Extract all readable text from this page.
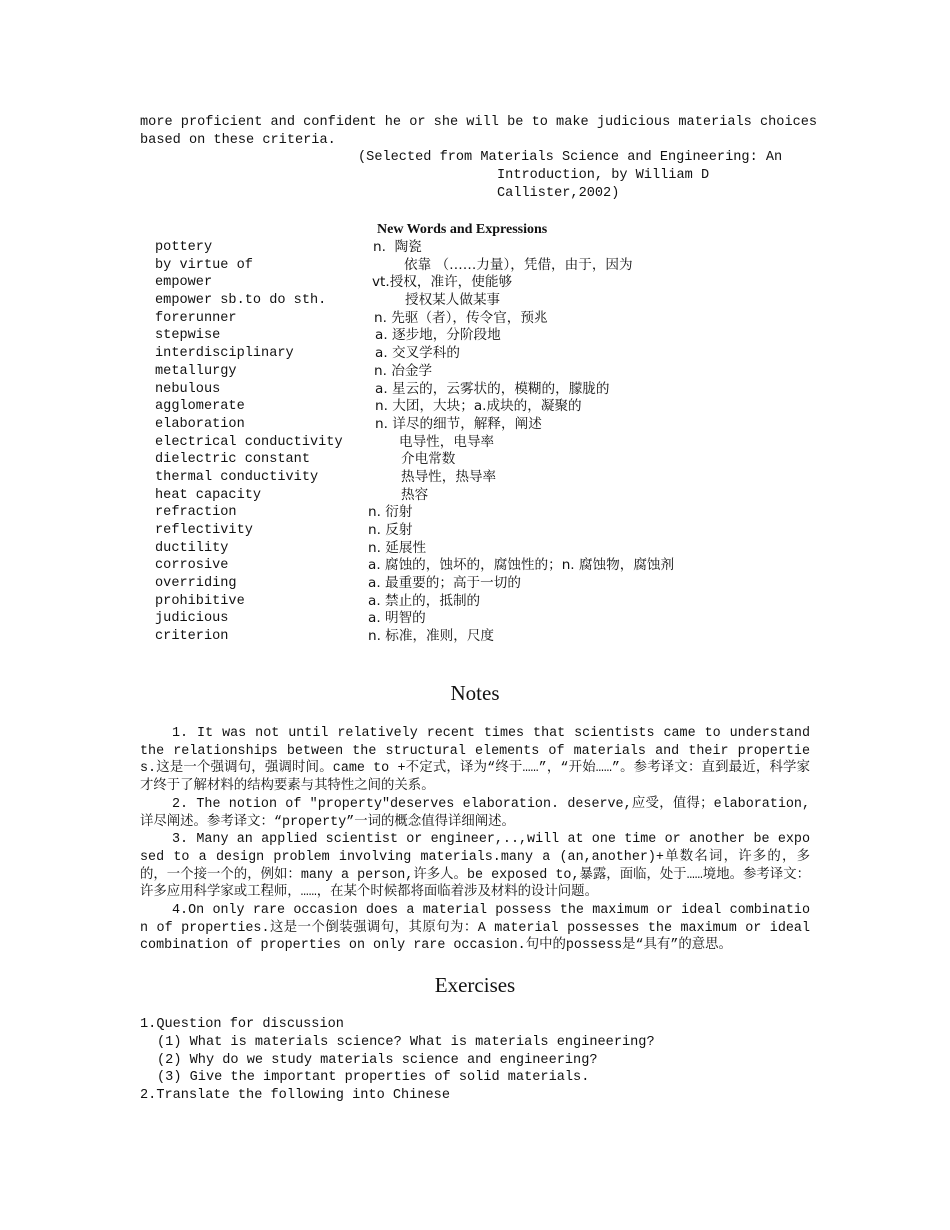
more proficient and confident he or she will be to make judicious materials choices
based on these criteria.
(Selected from Materials Science and Engineering: An
Introduction, by William D
Callister,2002)
New Words and Expressions
pottery	n.  陶瓷
by virtue of	依靠 （……力量），凭借，由于，因为
empower	vt.授权，准许，使能够
empower sb.to do sth.	授权某人做某事
forerunner	n. 先驱（者），传令官，预兆
stepwise	a. 逐步地，分阶段地
interdisciplinary	a. 交叉学科的
metallurgy	n. 冶金学
nebulous	a. 星云的，云雾状的，模糊的，朦胧的
agglomerate	n. 大团，大块；a.成块的，凝聚的
elaboration	n. 详尽的细节，解释，阐述
electrical conductivity	电导性，电导率
dielectric constant	介电常数
thermal conductivity	热导性，热导率
heat capacity	热容
refraction	n. 衍射
reflectivity	n. 反射
ductility	n. 延展性
corrosive	a. 腐蚀的，蚀坏的，腐蚀性的；n. 腐蚀物，腐蚀剂
overriding	a. 最重要的；高于一切的
prohibitive	a. 禁止的，抵制的
judicious	a. 明智的
criterion	n. 标准，准则，尺度
Notes

1. It was not until relatively recent times that scientists came to understand the relationships between the structural elements of materials and their properties.这是一个强调句，强调时间。came to +不定式，译为“终于……”，“开始……”。参考译文：直到最近，科学家才终于了解材料的结构要素与其特性之间的关系。

2. The notion of "property"deserves elaboration. deserve,应受，值得；elaboration,详尽阐述。参考译文：“property”一词的概念值得详细阐述。

3. Many an applied scientist or engineer,..,will at one time or another be exposed to a design problem involving materials.many a (an,another)+单数名词，许多的，多的，一个接一个的，例如：many a person,许多人。be exposed to,暴露，面临，处于……境地。参考译文：许多应用科学家或工程师，……，在某个时候都将面临着涉及材料的设计问题。

4.On only rare occasion does a material possess the maximum or ideal combination of properties.这是一个倒装强调句，其原句为：A material possesses the maximum or ideal combination of properties on only rare occasion.句中的possess是“具有”的意思。

Exercises
1.Question for discussion
(1) What is materials science? What is materials engineering?
(2) Why do we study materials science and engineering?
(3) Give the important properties of solid materials.
2.Translate the following into Chinese
